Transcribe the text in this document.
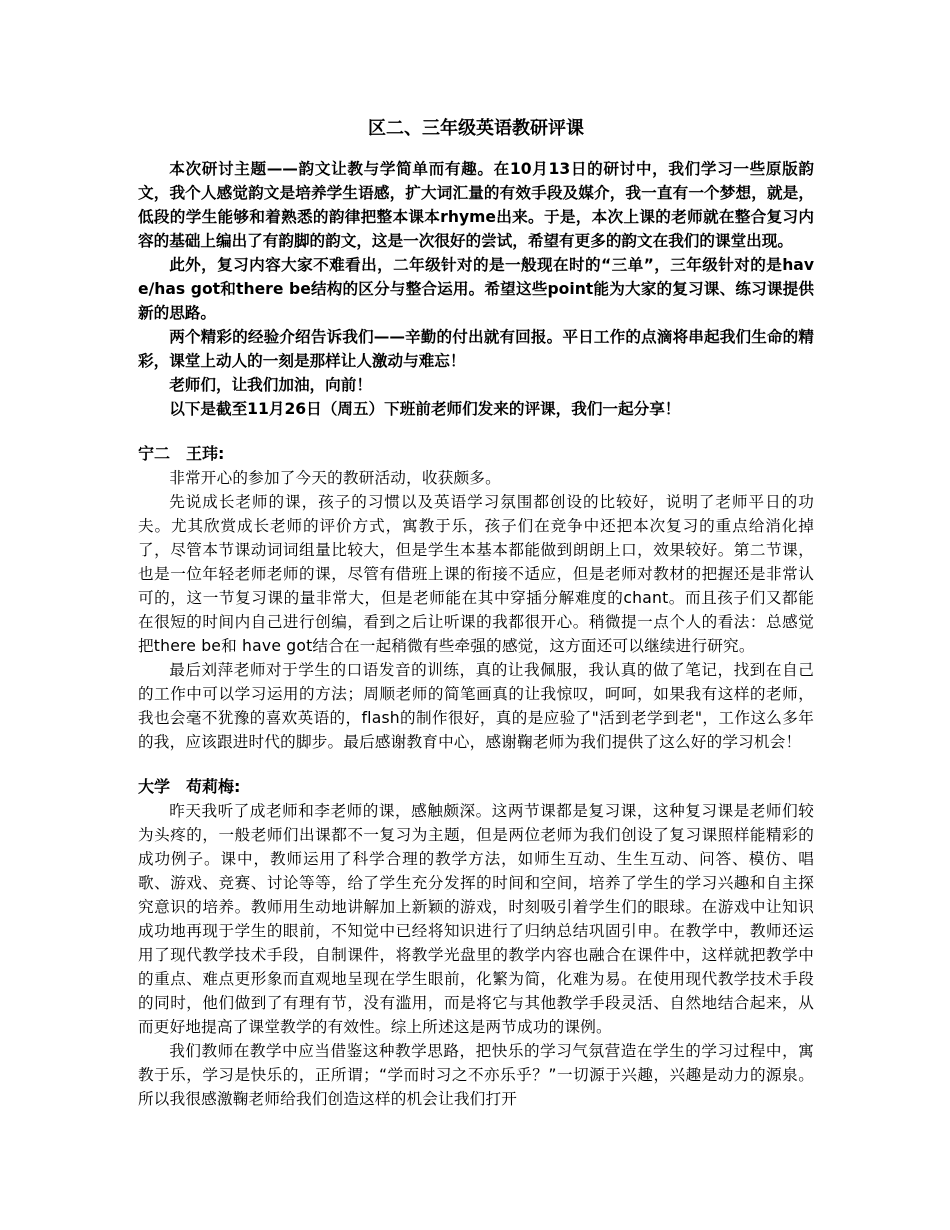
区二、三年级英语教研评课

本次研讨主题——韵文让教与学简单而有趣。在10月13日的研讨中，我们学习一些原版韵文，我个人感觉韵文是培养学生语感，扩大词汇量的有效手段及媒介，我一直有一个梦想，就是，低段的学生能够和着熟悉的韵律把整本课本rhyme出来。于是，本次上课的老师就在整合复习内容的基础上编出了有韵脚的韵文，这是一次很好的尝试，希望有更多的韵文在我们的课堂出现。

此外，复习内容大家不难看出，二年级针对的是一般现在时的“三单”，三年级针对的是have/has got和there be结构的区分与整合运用。希望这些point能为大家的复习课、练习课提供新的思路。

两个精彩的经验介绍告诉我们——辛勤的付出就有回报。平日工作的点滴将串起我们生命的精彩，课堂上动人的一刻是那样让人激动与难忘！

老师们，让我们加油，向前！

以下是截至11月26日（周五）下班前老师们发来的评课，我们一起分享！

宁二　王玮:

非常开心的参加了今天的教研活动，收获颇多。

先说成长老师的课，孩子的习惯以及英语学习氛围都创设的比较好，说明了老师平日的功夫。尤其欣赏成长老师的评价方式，寓教于乐，孩子们在竞争中还把本次复习的重点给消化掉了，尽管本节课动词词组量比较大，但是学生本基本都能做到朗朗上口，效果较好。第二节课，也是一位年轻老师老师的课，尽管有借班上课的衔接不适应，但是老师对教材的把握还是非常认可的，这一节复习课的量非常大，但是老师能在其中穿插分解难度的chant。而且孩子们又都能在很短的时间内自己进行创编，看到之后让听课的我都很开心。稍微提一点个人的看法：总感觉把there be和 have got结合在一起稍微有些牵强的感觉，这方面还可以继续进行研究。

最后刘萍老师对于学生的口语发音的训练，真的让我佩服，我认真的做了笔记，找到在自己的工作中可以学习运用的方法；周顺老师的简笔画真的让我惊叹，呵呵，如果我有这样的老师，我也会毫不犹豫的喜欢英语的，flash的制作很好，真的是应验了"活到老学到老"，工作这么多年的我，应该跟进时代的脚步。最后感谢教育中心，感谢鞠老师为我们提供了这么好的学习机会！

大学　苟莉梅:

昨天我听了成老师和李老师的课，感触颇深。这两节课都是复习课，这种复习课是老师们较为头疼的，一般老师们出课都不一复习为主题，但是两位老师为我们创设了复习课照样能精彩的成功例子。课中，教师运用了科学合理的教学方法，如师生互动、生生互动、问答、模仿、唱歌、游戏、竞赛、讨论等等，给了学生充分发挥的时间和空间，培养了学生的学习兴趣和自主探究意识的培养。教师用生动地讲解加上新颖的游戏，时刻吸引着学生们的眼球。在游戏中让知识成功地再现于学生的眼前，不知觉中已经将知识进行了归纳总结巩固引申。在教学中，教师还运用了现代教学技术手段，自制课件，将教学光盘里的教学内容也融合在课件中，这样就把教学中的重点、难点更形象而直观地呈现在学生眼前，化繁为简，化难为易。在使用现代教学技术手段的同时，他们做到了有理有节，没有滥用，而是将它与其他教学手段灵活、自然地结合起来，从而更好地提高了课堂教学的有效性。综上所述这是两节成功的课例。

我们教师在教学中应当借鉴这种教学思路，把快乐的学习气氛营造在学生的学习过程中，寓教于乐，学习是快乐的，正所谓；“学而时习之不亦乐乎？”一切源于兴趣，兴趣是动力的源泉。所以我很感激鞠老师给我们创造这样的机会让我们打开
